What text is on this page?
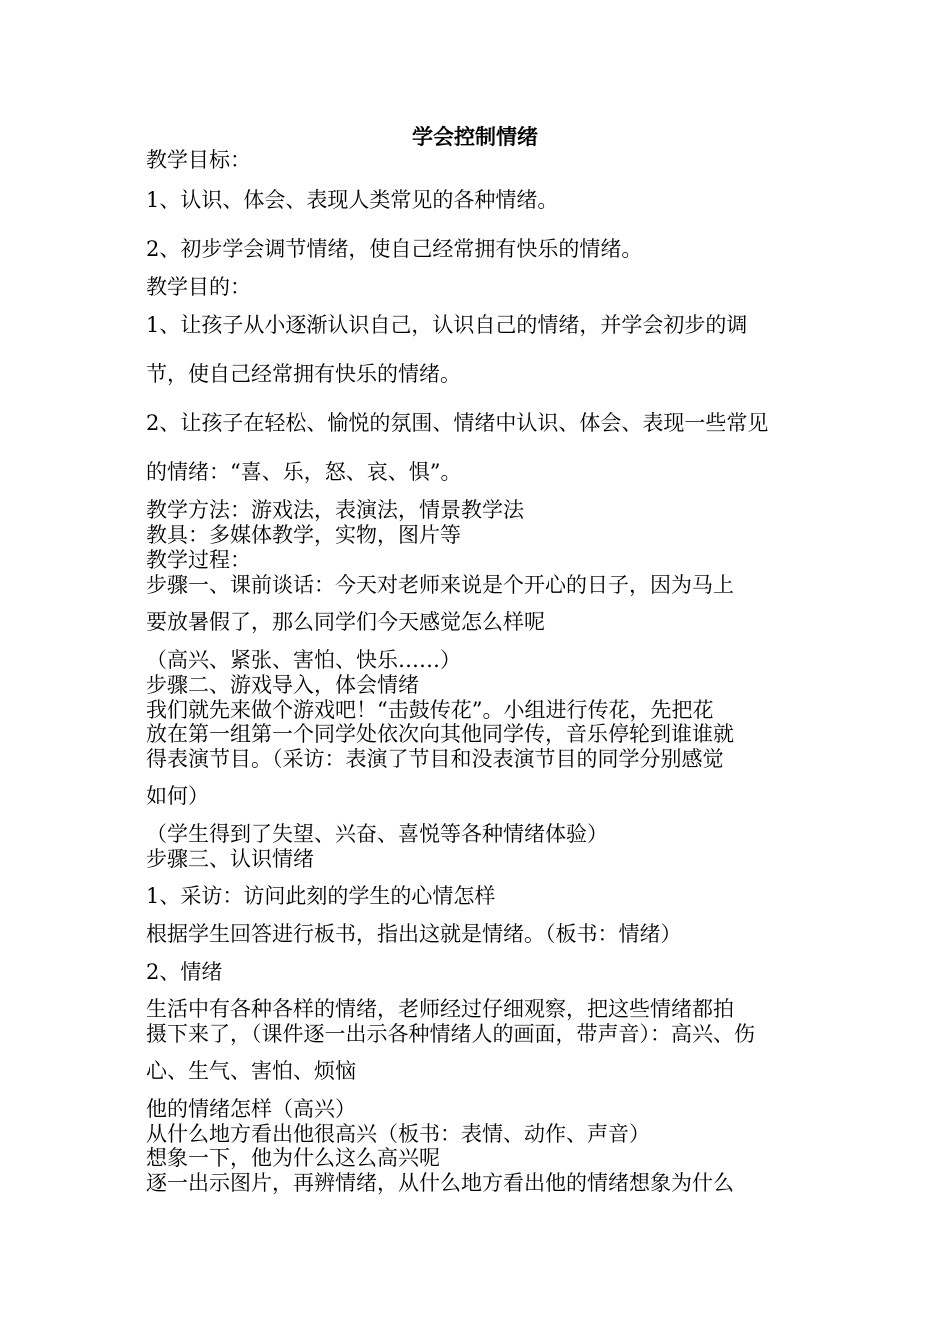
学会控制情绪
教学目标：
1、认识、体会、表现人类常见的各种情绪。
2、初步学会调节情绪，使自己经常拥有快乐的情绪。
教学目的：
1、让孩子从小逐渐认识自己，认识自己的情绪，并学会初步的调
节，使自己经常拥有快乐的情绪。
2、让孩子在轻松、愉悦的氛围、情绪中认识、体会、表现一些常见
的情绪：“喜、乐，怒、哀、惧”。
教学方法：游戏法，表演法，情景教学法
教具：多媒体教学，实物，图片等
教学过程：
步骤一、课前谈话：今天对老师来说是个开心的日子，因为马上
要放暑假了，那么同学们今天感觉怎么样呢
（高兴、紧张、害怕、快乐……）
步骤二、游戏导入，体会情绪
我们就先来做个游戏吧！“击鼓传花”。小组进行传花，先把花
放在第一组第一个同学处依次向其他同学传，音乐停轮到谁谁就
得表演节目。（采访：表演了节目和没表演节目的同学分别感觉
如何）
（学生得到了失望、兴奋、喜悦等各种情绪体验）
步骤三、认识情绪
1、采访：访问此刻的学生的心情怎样
根据学生回答进行板书，指出这就是情绪。（板书：情绪）
2、情绪
生活中有各种各样的情绪，老师经过仔细观察，把这些情绪都拍
摄下来了，（课件逐一出示各种情绪人的画面，带声音）：高兴、伤
心、生气、害怕、烦恼
他的情绪怎样（高兴）
从什么地方看出他很高兴（板书：表情、动作、声音）
想象一下，他为什么这么高兴呢
逐一出示图片，再辨情绪，从什么地方看出他的情绪想象为什么
